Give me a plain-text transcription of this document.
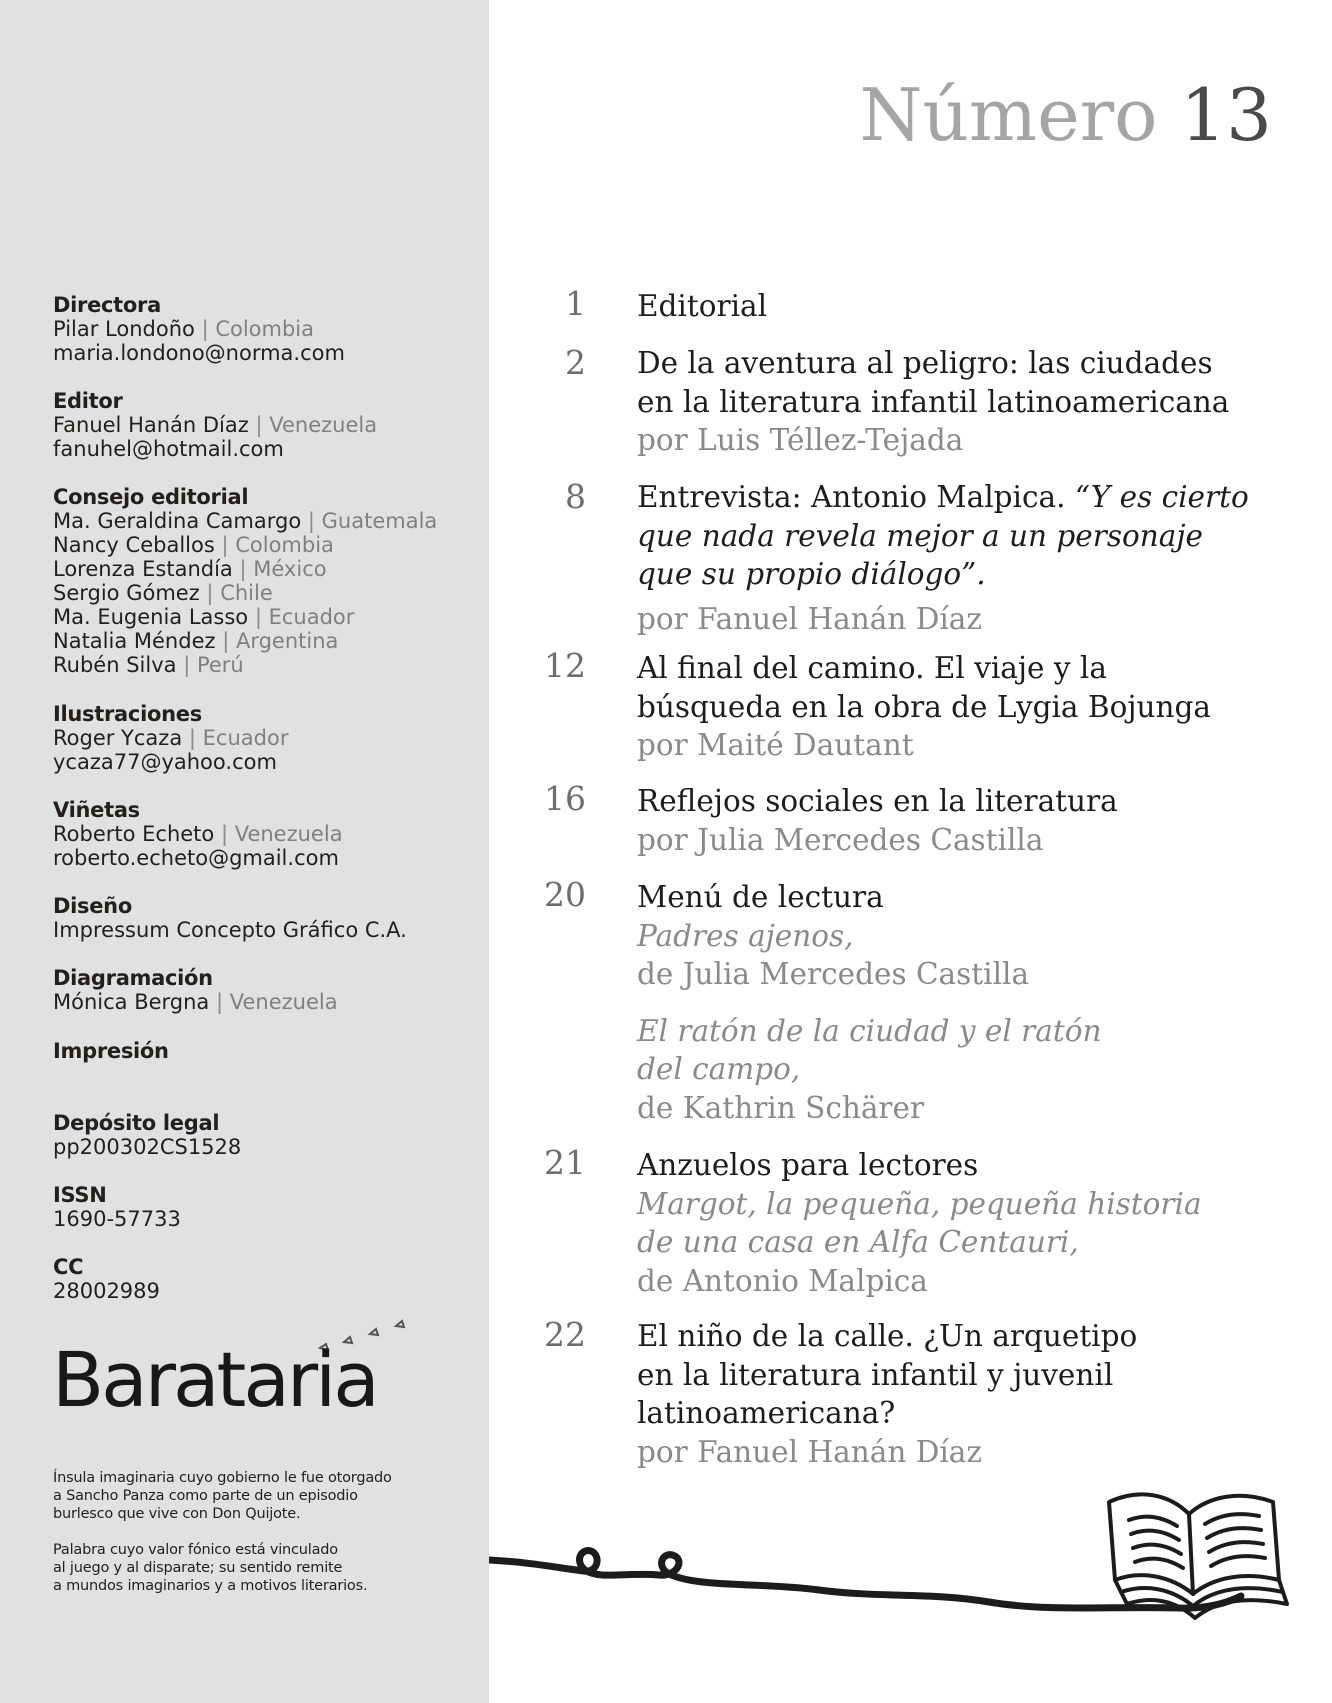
Directora
Pilar Londoño | Colombia
maria.londono@norma.com
Editor
Fanuel Hanán Díaz | Venezuela
fanuhel@hotmail.com
Consejo editorial
Ma. Geraldina Camargo | Guatemala
Nancy Ceballos | Colombia
Lorenza Estandía | México
Sergio Gómez | Chile
Ma. Eugenia Lasso | Ecuador
Natalia Méndez | Argentina
Rubén Silva | Perú
Ilustraciones
Roger Ycaza | Ecuador
ycaza77@yahoo.com
Viñetas
Roberto Echeto | Venezuela
roberto.echeto@gmail.com
Diseño
Impressum Concepto Gráfico C.A.
Diagramación
Mónica Bergna | Venezuela
Impresión
Depósito legal
pp200302CS1528
ISSN
1690-57733
CC
28002989
Barataria
Ínsula imaginaria cuyo gobierno le fue otorgado
a Sancho Panza como parte de un episodio
burlesco que vive con Don Quijote.
Palabra cuyo valor fónico está vinculado
al juego y al disparate; su sentido remite
a mundos imaginarios y a motivos literarios.
Número 13
1 Editorial
2 De la aventura al peligro: las ciudades
en la literatura infantil latinoamericana
por Luis Téllez-Tejada
8 Entrevista: Antonio Malpica. “Y es cierto
que nada revela mejor a un personaje
que su propio diálogo”.
por Fanuel Hanán Díaz
12 Al final del camino. El viaje y la
búsqueda en la obra de Lygia Bojunga
por Maité Dautant
16 Reflejos sociales en la literatura
por Julia Mercedes Castilla
20 Menú de lectura
Padres ajenos,
de Julia Mercedes Castilla
El ratón de la ciudad y el ratón
del campo,
de Kathrin Schärer
21 Anzuelos para lectores
Margot, la pequeña, pequeña historia
de una casa en Alfa Centauri,
de Antonio Malpica
22 El niño de la calle. ¿Un arquetipo
en la literatura infantil y juvenil
latinoamericana?
por Fanuel Hanán Díaz
